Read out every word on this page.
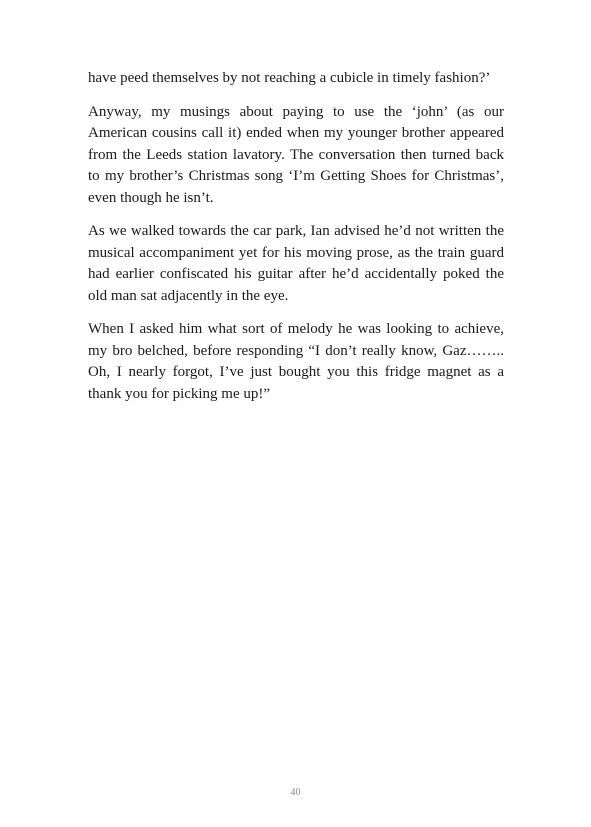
have peed themselves by not reaching a cubicle in timely fashion?’

Anyway, my musings about paying to use the ‘john’ (as our American cousins call it) ended when my younger brother appeared from the Leeds station lavatory. The conversation then turned back to my brother’s Christmas song ‘I’m Getting Shoes for Christmas’, even though he isn’t.

As we walked towards the car park, Ian advised he’d not written the musical accompaniment yet for his moving prose, as the train guard had earlier confiscated his guitar after he’d accidentally poked the old man sat adjacently in the eye.

When I asked him what sort of melody he was looking to achieve, my bro belched, before responding “I don’t really know, Gaz…….. Oh, I nearly forgot, I’ve just bought you this fridge magnet as a thank you for picking me up!”

40
